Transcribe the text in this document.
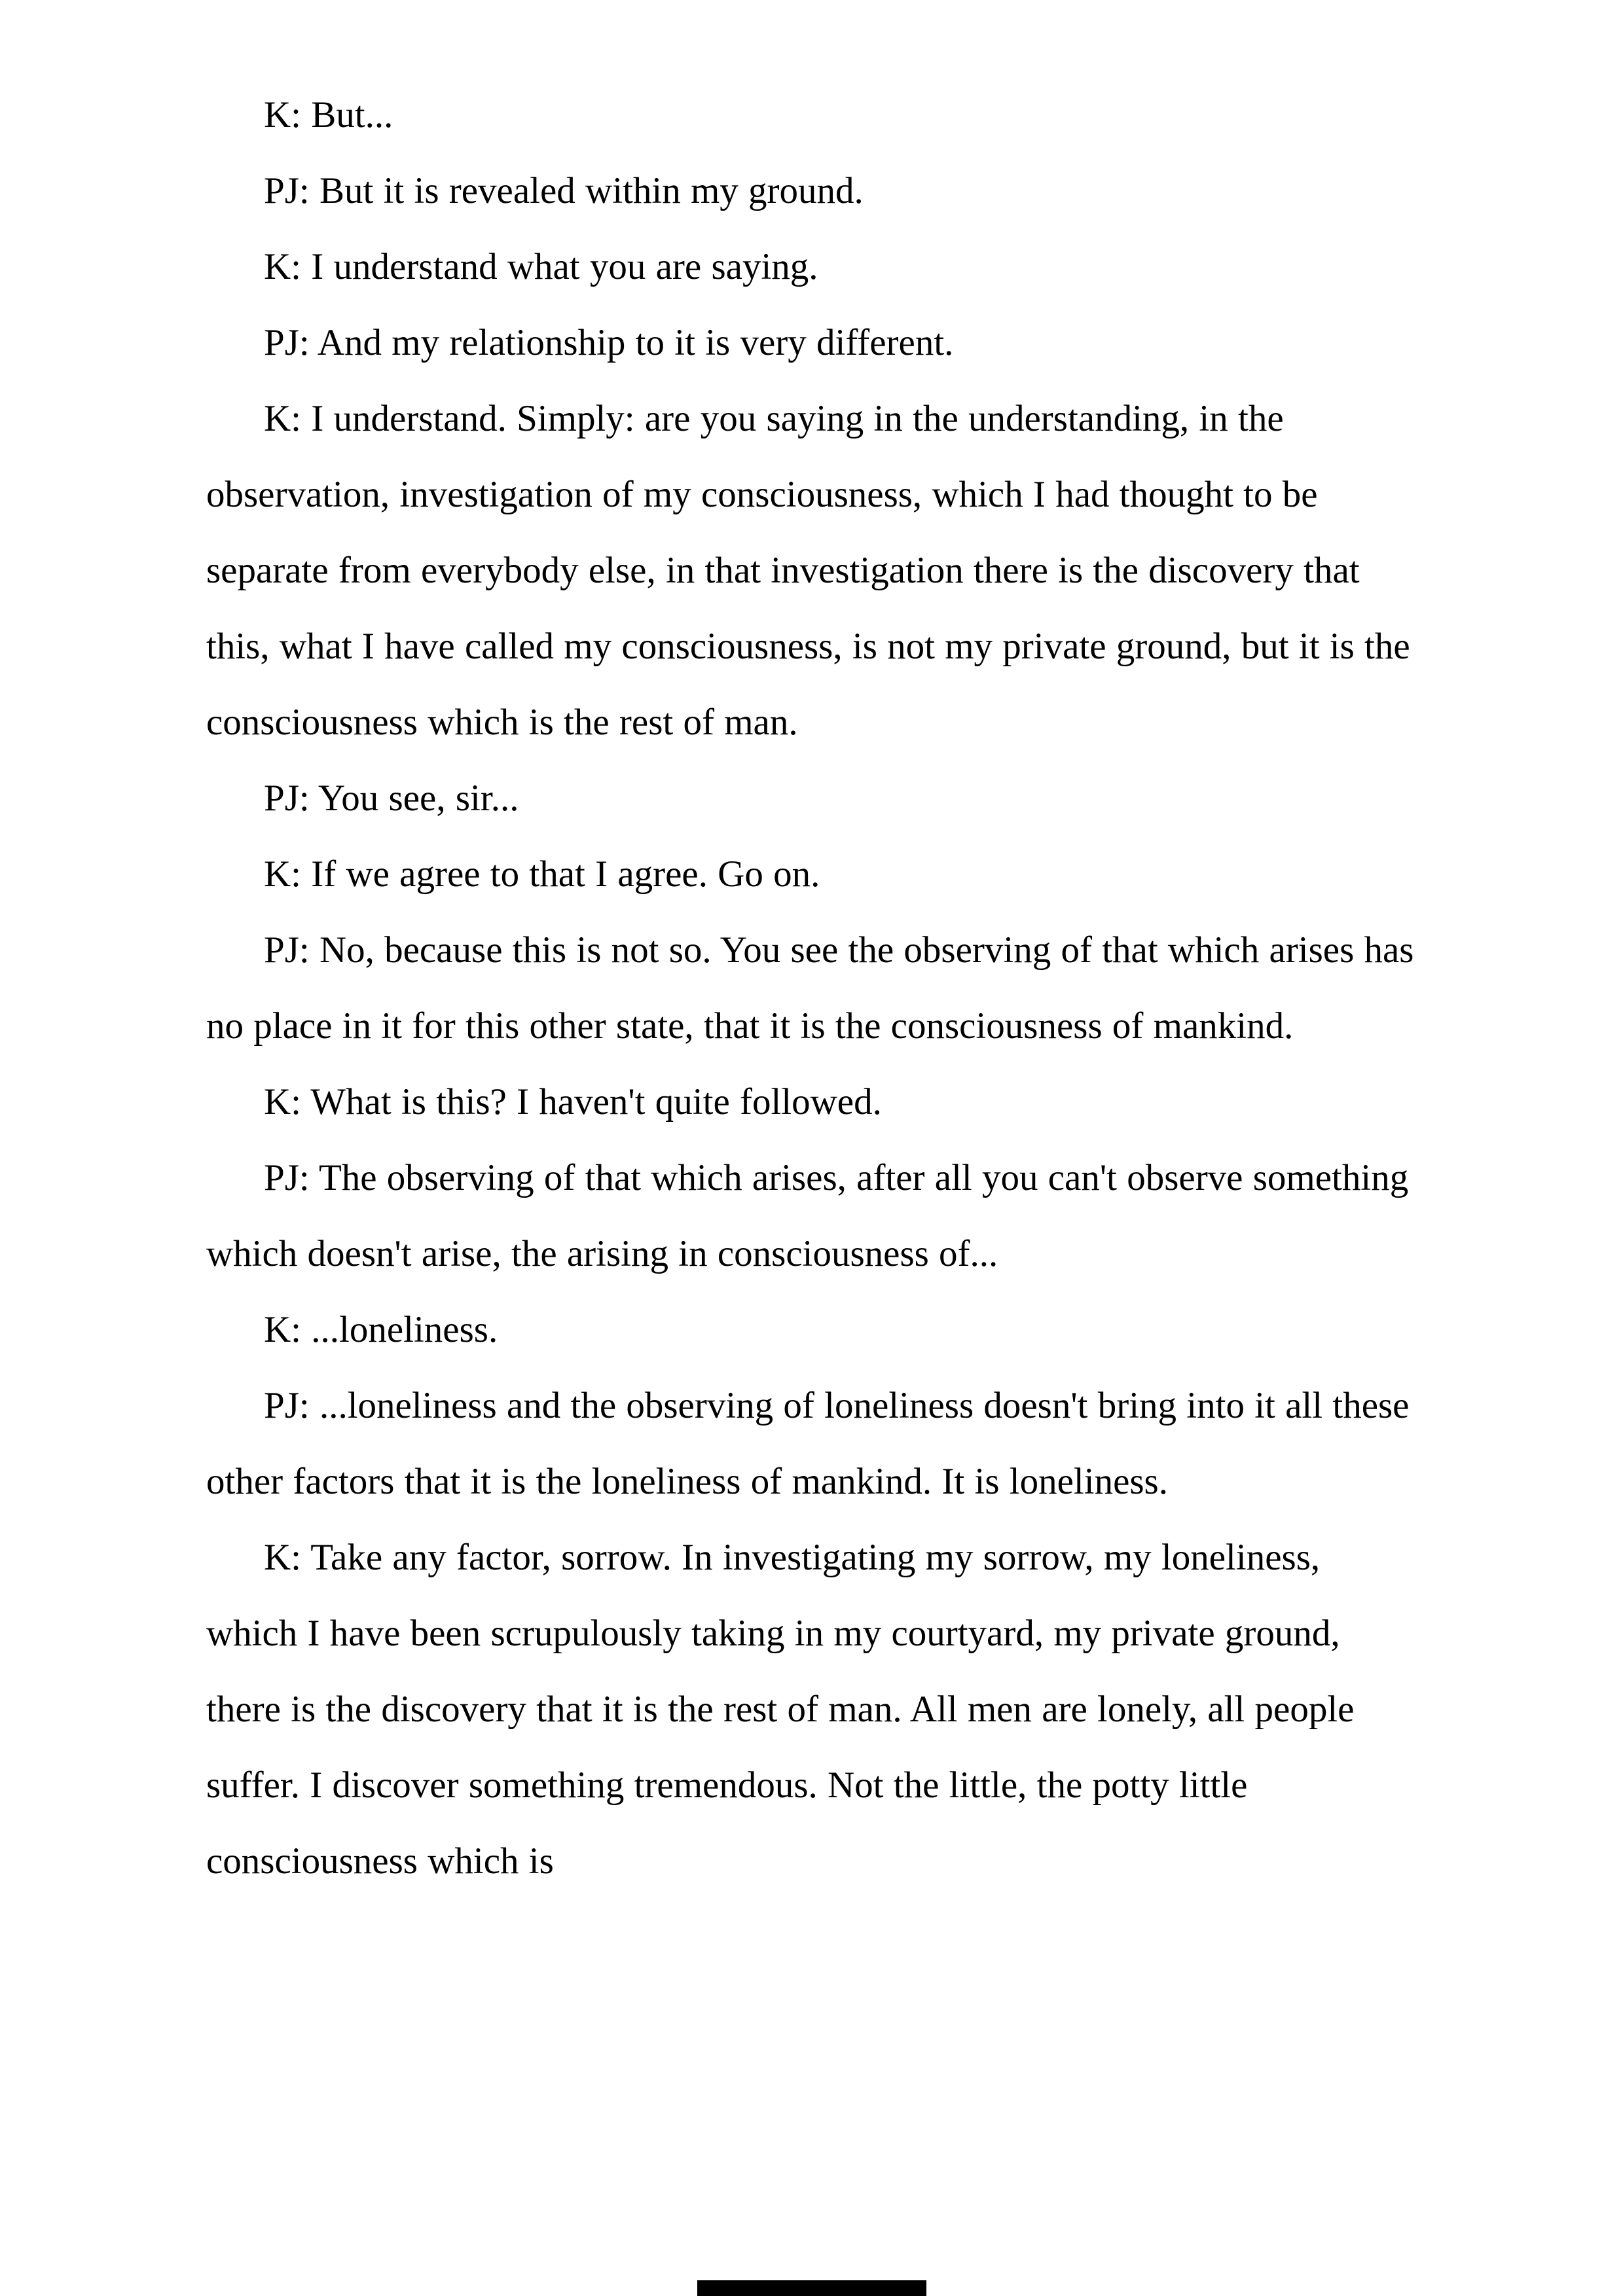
K: But...

PJ: But it is revealed within my ground.

K: I understand what you are saying.

PJ: And my relationship to it is very different.

K: I understand. Simply: are you saying in the understanding, in the observation, investigation of my consciousness, which I had thought to be separate from everybody else, in that investigation there is the discovery that this, what I have called my consciousness, is not my private ground, but it is the consciousness which is the rest of man.

PJ: You see, sir...

K: If we agree to that I agree. Go on.

PJ: No, because this is not so. You see the observing of that which arises has no place in it for this other state, that it is the consciousness of mankind.

K: What is this? I haven't quite followed.

PJ: The observing of that which arises, after all you can't observe something which doesn't arise, the arising in consciousness of...

K: ...loneliness.

PJ: ...loneliness and the observing of loneliness doesn't bring into it all these other factors that it is the loneliness of mankind. It is loneliness.

K: Take any factor, sorrow. In investigating my sorrow, my loneliness, which I have been scrupulously taking in my courtyard, my private ground, there is the discovery that it is the rest of man. All men are lonely, all people suffer. I discover something tremendous. Not the little, the potty little consciousness which is
